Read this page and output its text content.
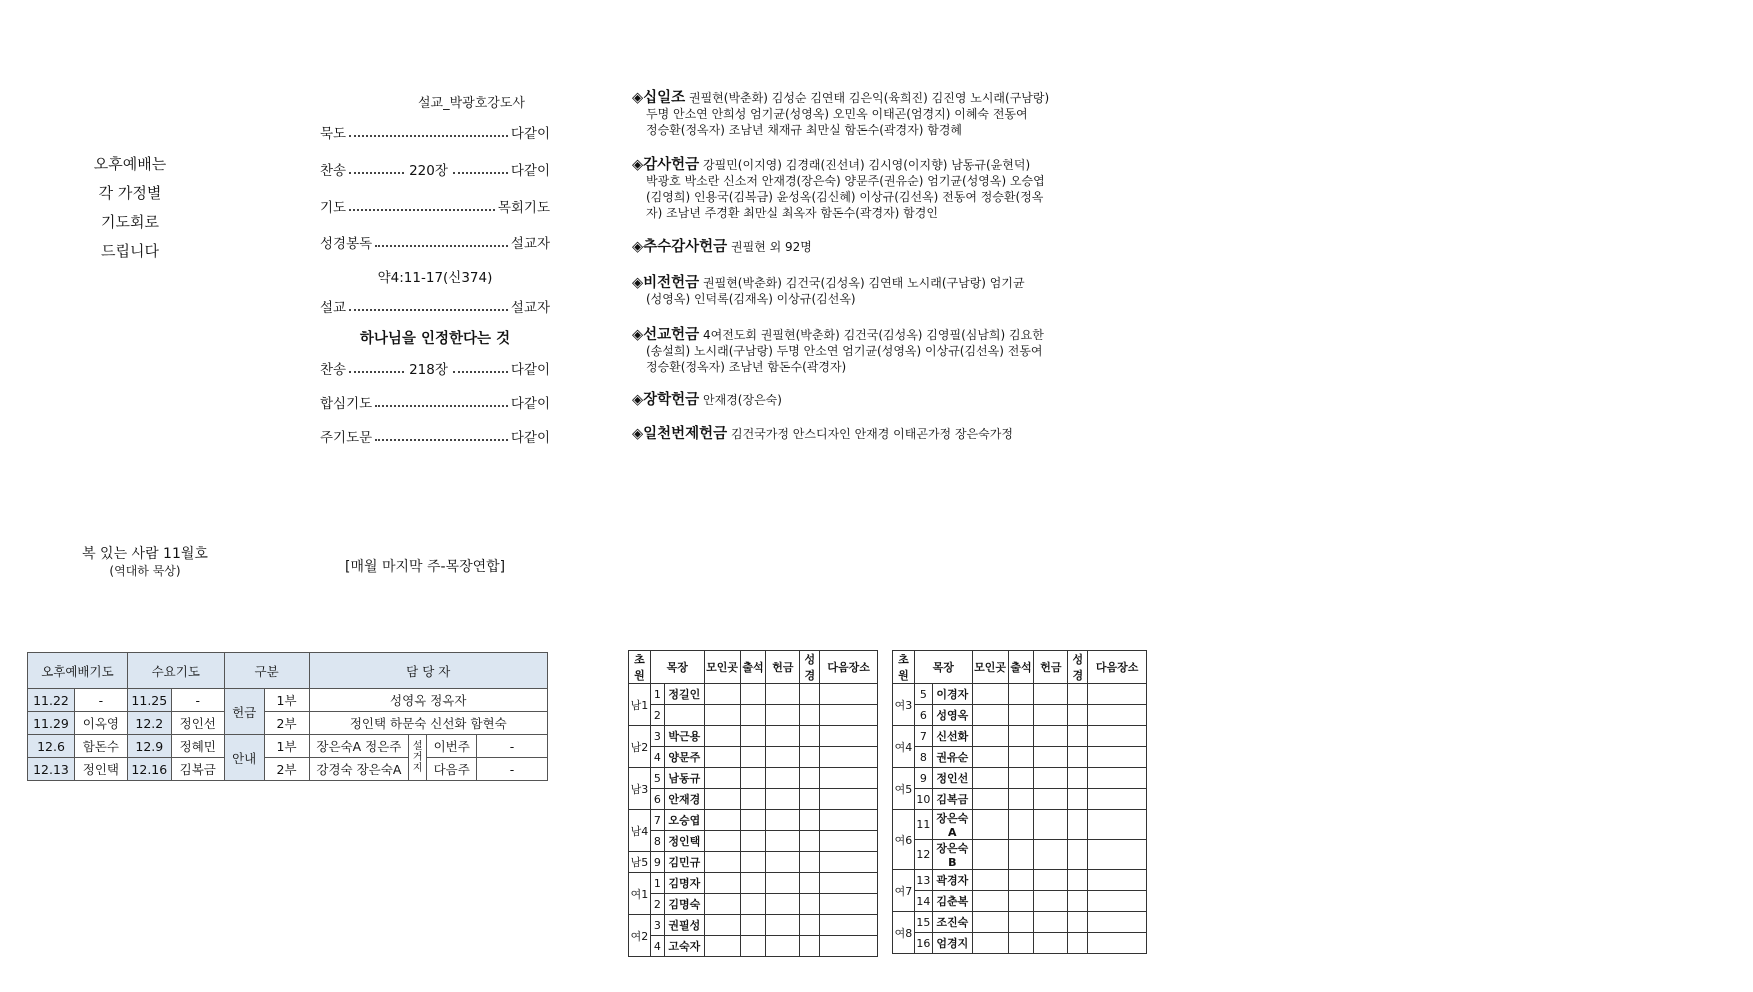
오후예배는
각 가정별
기도회로
드립니다
설교_박광호강도사
묵도	다같이
찬송	220장	다같이
기도	목회기도
성경봉독	설교자
약4:11-17(신374)
설교	설교자
하나님을 인정한다는 것
찬송	218장	다같이
합심기도	다같이
주기도문	다같이
◈십일조 권필현(박춘화) 김성순 김연태 김은익(육희진) 김진영 노시래(구남랑)
두명 안소연 안희성 엄기균(성영옥) 오민옥 이태곤(엄경지) 이혜숙 전동여
정승환(정옥자) 조남년 채재규 최만실 함돈수(곽경자) 함경혜
◈감사헌금 강필민(이지영) 김경래(진선녀) 김시영(이지향) 남동규(윤현덕)
박광호 박소란 신소저 안재경(장은숙) 양문주(권유순) 엄기균(성영옥) 오승엽
(김영희) 인용국(김복금) 윤성옥(김신혜) 이상규(김선옥) 전동여 정승환(정옥
자) 조남년 주경환 최만실 최옥자 함돈수(곽경자) 함경인
◈추수감사헌금 권필현 외 92명
◈비전헌금 권필현(박춘화) 김건국(김성옥) 김연태 노시래(구남랑) 엄기균
(성영옥) 인덕록(김재옥) 이상규(김선옥)
◈선교헌금 4여전도회 권필현(박춘화) 김건국(김성옥) 김영필(심남희) 김요한
(송설희) 노시래(구남랑) 두명 안소연 엄기균(성영옥) 이상규(김선옥) 전동여
정승환(정옥자) 조남년 함돈수(곽경자)
◈장학헌금 안재경(장은숙)
◈일천번제헌금 김건국가정 안스디자인 안재경 이태곤가정 장은숙가정
복 있는 사람 11월호
(역대하 묵상)	[매월 마지막 주-목장연합]
오후예배기도		수요기도		구분		담 당 자			
11.22	-	11.25	-	헌금	1부	성영옥 정옥자			
11.29	이옥영	12.2	정인선		2부	정인택 하문숙 신선화 함현숙			
12.6	함돈수	12.9	정혜민	안내	1부	장은숙A 정은주	설거지	이번주	-
12.13	정인택	12.16	김복금		2부	강경숙 장은숙A		다음주	-
초원	목장		모인곳	출석	헌금	성경	다음장소
남1	1	정길인					
	2						
남2	3	박근용					
	4	양문주					
남3	5	남동규					
	6	안재경					
남4	7	오승엽					
	8	정인택					
남5	9	김민규					
여1	1	김명자					
	2	김명숙					
여2	3	권필성					
	4	고숙자					
초원	목장		모인곳	출석	헌금	성경	다음장소
여3	5	이경자					
	6	성영옥					
여4	7	신선화					
	8	권유순					
여5	9	정인선					
	10	김복금					
여6	11	장은숙A					
	12	장은숙B					
여7	13	곽경자					
	14	김춘복					
여8	15	조진숙					
	16	엄경지					
